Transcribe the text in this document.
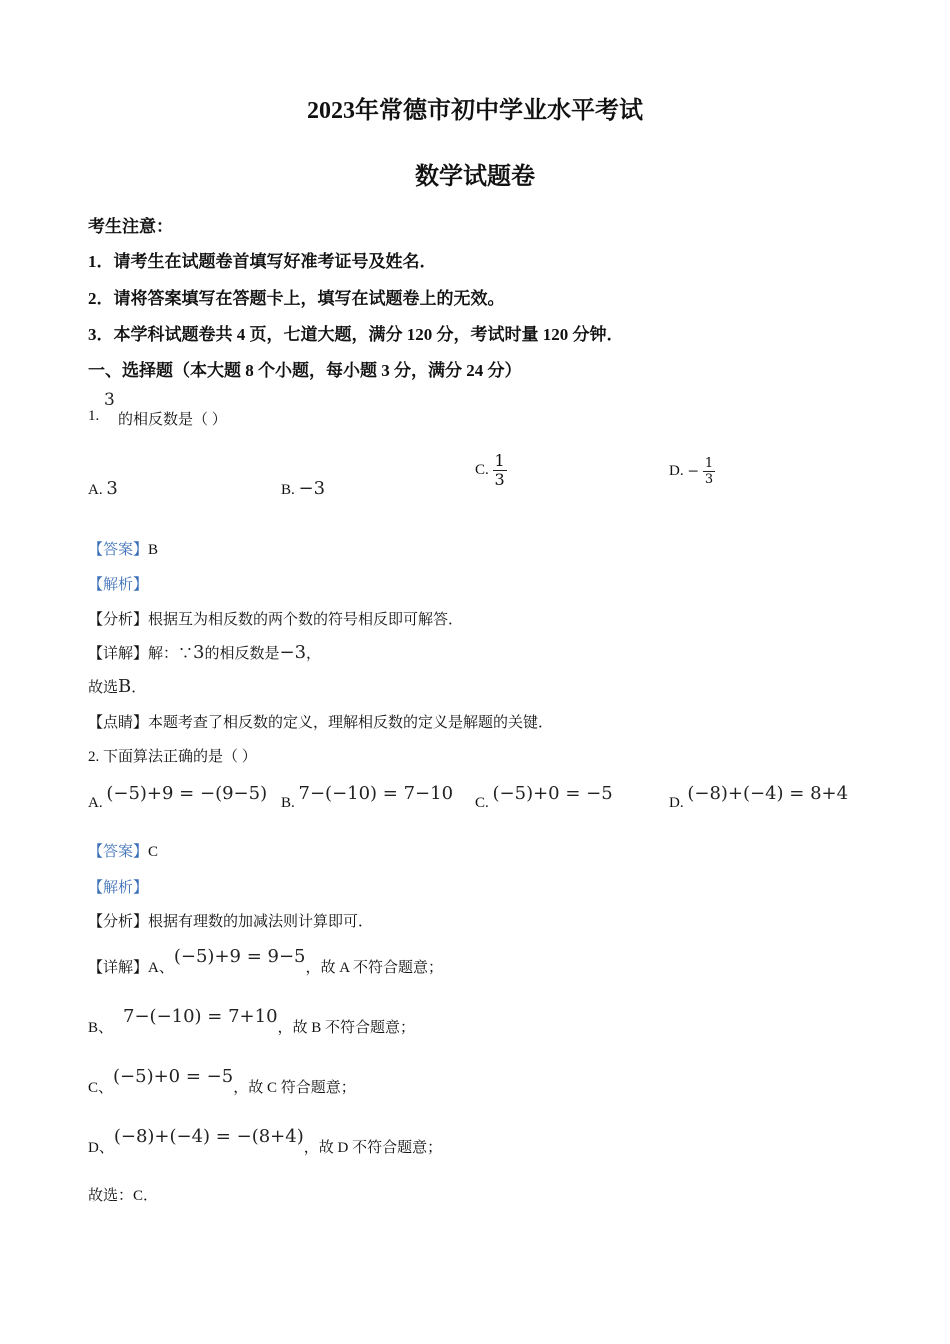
2023年常德市初中学业水平考试
数学试题卷
考生注意：
1．请考生在试题卷首填写好准考证号及姓名．
2．请将答案填写在答题卡上，填写在试题卷上的无效。
3．本学科试题卷共 4 页，七道大题，满分 120 分，考试时量 120 分钟．
一、选择题（本大题 8 个小题，每小题 3 分，满分 24 分）
3
1. 的相反数是（ ）
A. 3	B. −3
C. $\frac{1}{3}$	D. − $\frac{1}{3}$
【答案】B
【解析】
【分析】根据互为相反数的两个数的符号相反即可解答．
【详解】解：∵3的相反数是−3，
故选B．
【点睛】本题考查了相反数的定义，理解相反数的定义是解题的关键．
2. 下面算法正确的是（ ）
A. (−5)+9 = −(9−5) B. 7−(−10) = 7−10 C. (−5)+0 = −5	D. (−8)+(−4) = 8+4
【答案】C
【解析】
【分析】根据有理数的加减法则计算即可．
【详解】A、(−5)+9 = 9−5，故 A 不符合题意；
B、7−(−10) = 7+10，故 B 不符合题意；
C、(−5)+0 = −5，故 C 符合题意；
D、(−8)+(−4) = −(8+4)，故 D 不符合题意；
故选：C．
